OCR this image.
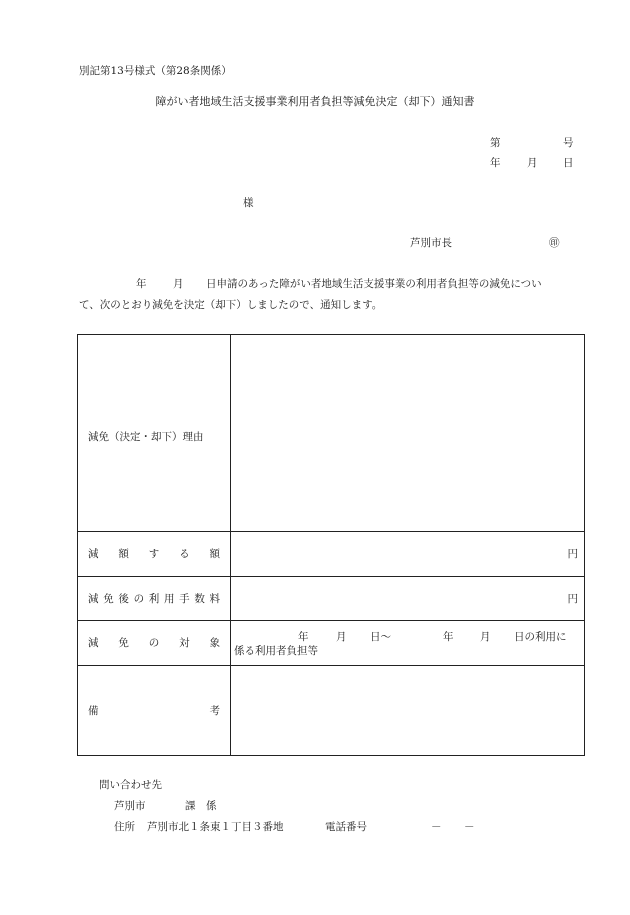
別記第13号様式（第28条関係）
障がい者地域生活支援事業利用者負担等減免決定（却下）通知書
第	号
年	月 日
様
芦別市長	㊞
年	月 日申請のあった障がい者地域生活支援事業の利用者負担等の減免につい
て、次のとおり減免を決定（却下）しましたので、通知します。
減免（決定・却下）理由
減 額 す る 額	円
減 免 後 の 利 用 手 数 料	円
減 免 の 対 象	年	月 日～	年	月 日の利用に
係る利用者負担等
備	考
問い合わせ先
芦別市	課 係
住所 芦別市北１条東１丁目３番地	電話番号	－ －
